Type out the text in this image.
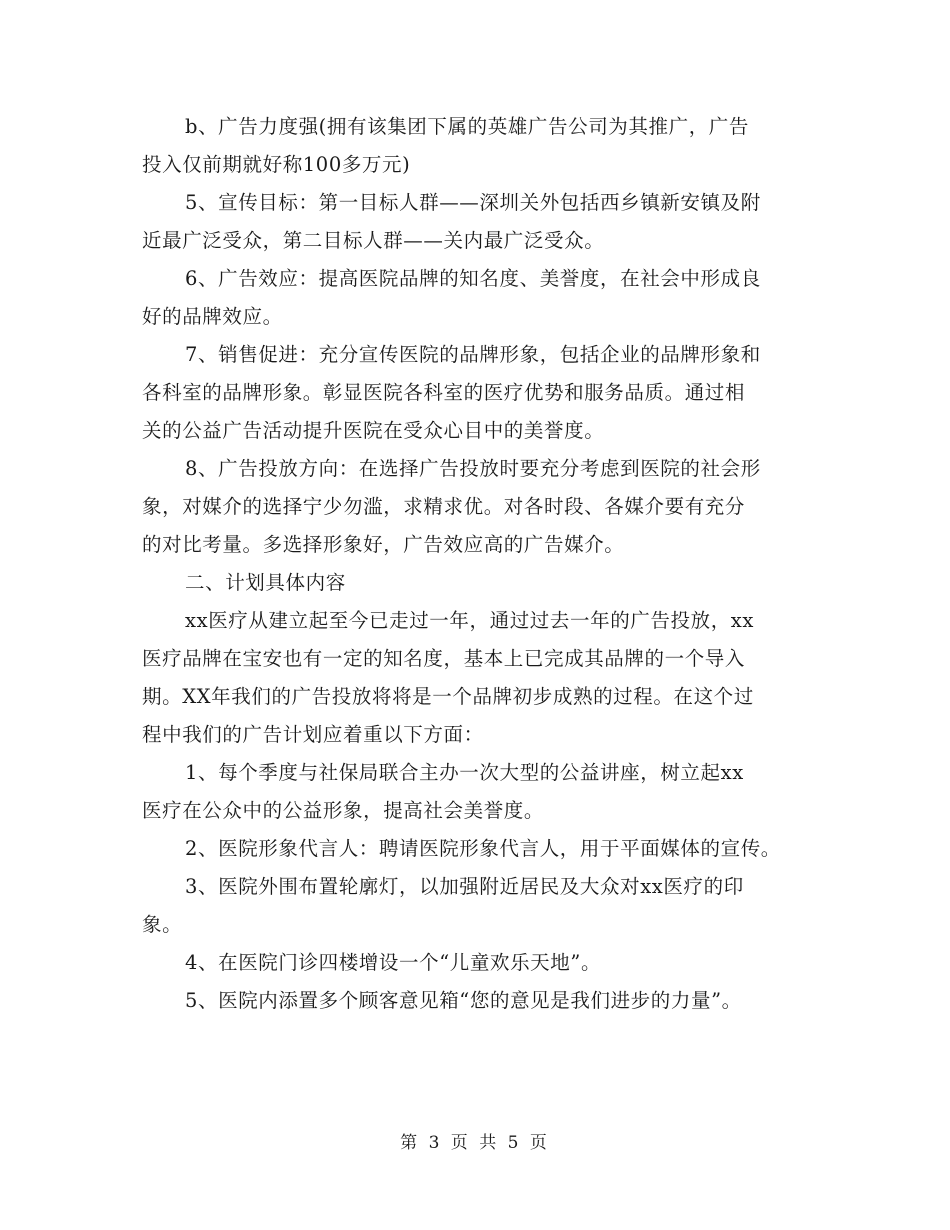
b、广告力度强(拥有该集团下属的英雄广告公司为其推广，广告
投入仅前期就好称100多万元)
5、宣传目标：第一目标人群——深圳关外包括西乡镇新安镇及附
近最广泛受众，第二目标人群——关内最广泛受众。
6、广告效应：提高医院品牌的知名度、美誉度，在社会中形成良
好的品牌效应。
7、销售促进：充分宣传医院的品牌形象，包括企业的品牌形象和
各科室的品牌形象。彰显医院各科室的医疗优势和服务品质。通过相
关的公益广告活动提升医院在受众心目中的美誉度。
8、广告投放方向：在选择广告投放时要充分考虑到医院的社会形
象，对媒介的选择宁少勿滥，求精求优。对各时段、各媒介要有充分
的对比考量。多选择形象好，广告效应高的广告媒介。
二、计划具体内容
xx医疗从建立起至今已走过一年，通过过去一年的广告投放，xx
医疗品牌在宝安也有一定的知名度，基本上已完成其品牌的一个导入
期。XX年我们的广告投放将将是一个品牌初步成熟的过程。在这个过
程中我们的广告计划应着重以下方面：
1、每个季度与社保局联合主办一次大型的公益讲座，树立起xx
医疗在公众中的公益形象，提高社会美誉度。
2、医院形象代言人：聘请医院形象代言人，用于平面媒体的宣传。
3、医院外围布置轮廓灯，以加强附近居民及大众对xx医疗的印
象。
4、在医院门诊四楼增设一个“儿童欢乐天地”。
5、医院内添置多个顾客意见箱“您的意见是我们进步的力量”。
第 3 页 共 5 页
